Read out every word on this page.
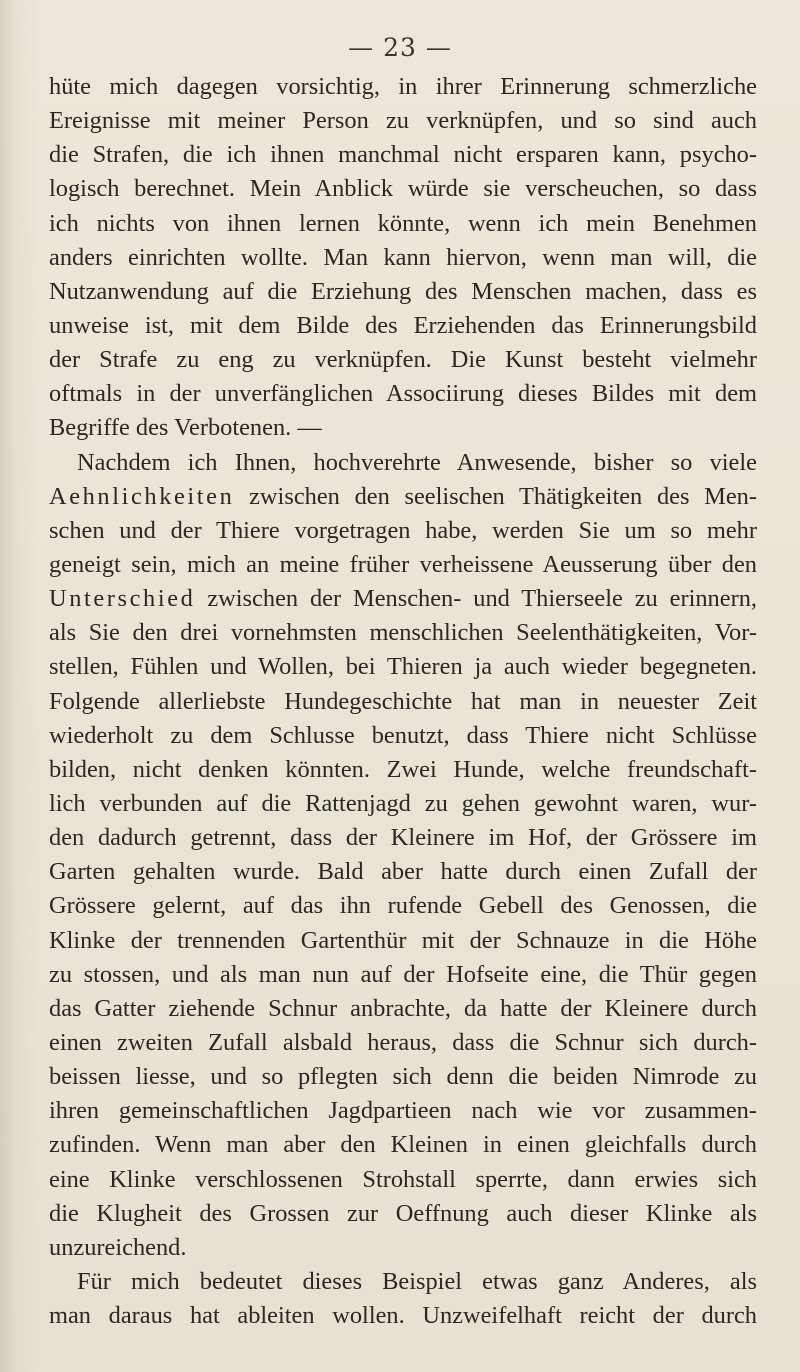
— 23 —
hüte mich dagegen vorsichtig, in ihrer Erinnerung schmerzliche
Ereignisse mit meiner Person zu verknüpfen, und so sind auch
die Strafen, die ich ihnen manchmal nicht ersparen kann, psycho-
logisch berechnet. Mein Anblick würde sie verscheuchen, so dass
ich nichts von ihnen lernen könnte, wenn ich mein Benehmen
anders einrichten wollte. Man kann hiervon, wenn man will, die
Nutzanwendung auf die Erziehung des Menschen machen, dass es
unweise ist, mit dem Bilde des Erziehenden das Erinnerungsbild
der Strafe zu eng zu verknüpfen. Die Kunst besteht vielmehr
oftmals in der unverfänglichen Associirung dieses Bildes mit dem
Begriffe des Verbotenen. —
Nachdem ich Ihnen, hochverehrte Anwesende, bisher so viele
Aehnlichkeiten zwischen den seelischen Thätigkeiten des Men-
schen und der Thiere vorgetragen habe, werden Sie um so mehr
geneigt sein, mich an meine früher verheissene Aeusserung über den
Unterschied zwischen der Menschen- und Thierseele zu erinnern,
als Sie den drei vornehmsten menschlichen Seelenthätigkeiten, Vor-
stellen, Fühlen und Wollen, bei Thieren ja auch wieder begegneten.
Folgende allerliebste Hundegeschichte hat man in neuester Zeit
wiederholt zu dem Schlusse benutzt, dass Thiere nicht Schlüsse
bilden, nicht denken könnten. Zwei Hunde, welche freundschaft-
lich verbunden auf die Rattenjagd zu gehen gewohnt waren, wur-
den dadurch getrennt, dass der Kleinere im Hof, der Grössere im
Garten gehalten wurde. Bald aber hatte durch einen Zufall der
Grössere gelernt, auf das ihn rufende Gebell des Genossen, die
Klinke der trennenden Gartenthür mit der Schnauze in die Höhe
zu stossen, und als man nun auf der Hofseite eine, die Thür gegen
das Gatter ziehende Schnur anbrachte, da hatte der Kleinere durch
einen zweiten Zufall alsbald heraus, dass die Schnur sich durch-
beissen liesse, und so pflegten sich denn die beiden Nimrode zu
ihren gemeinschaftlichen Jagdpartieen nach wie vor zusammen-
zufinden. Wenn man aber den Kleinen in einen gleichfalls durch
eine Klinke verschlossenen Strohstall sperrte, dann erwies sich
die Klugheit des Grossen zur Oeffnung auch dieser Klinke als
unzureichend.
Für mich bedeutet dieses Beispiel etwas ganz Anderes, als
man daraus hat ableiten wollen. Unzweifelhaft reicht der durch
